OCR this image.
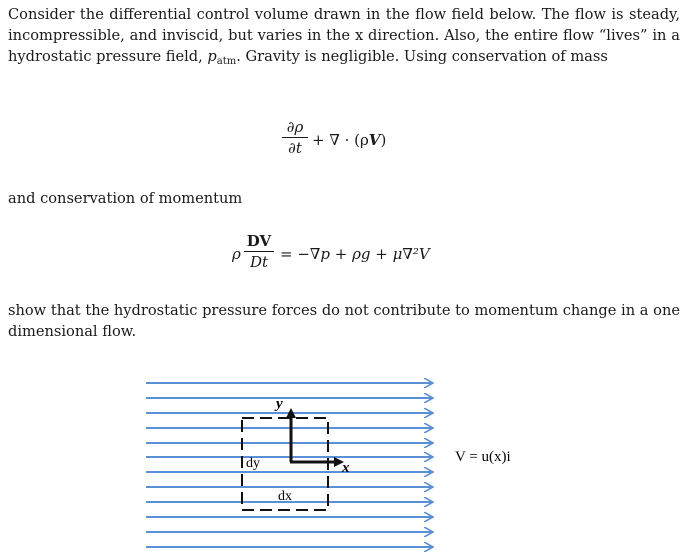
Consider the differential control volume drawn in the flow field below. The flow is steady, incompressible, and inviscid, but varies in the x direction. Also, the entire flow “lives” in a hydrostatic pressure field, $p_{atm}$. Gravity is negligible. Using conservation of mass
∂ρ
∂t + ∇ · (ρV)
and conservation of momentum
ρ
DV
Dt = −∇p + ρg + μ∇²V
show that the hydrostatic pressure forces do not contribute to momentum change in a one dimensional flow.
y
x
dy
dx
V = u(x)i
